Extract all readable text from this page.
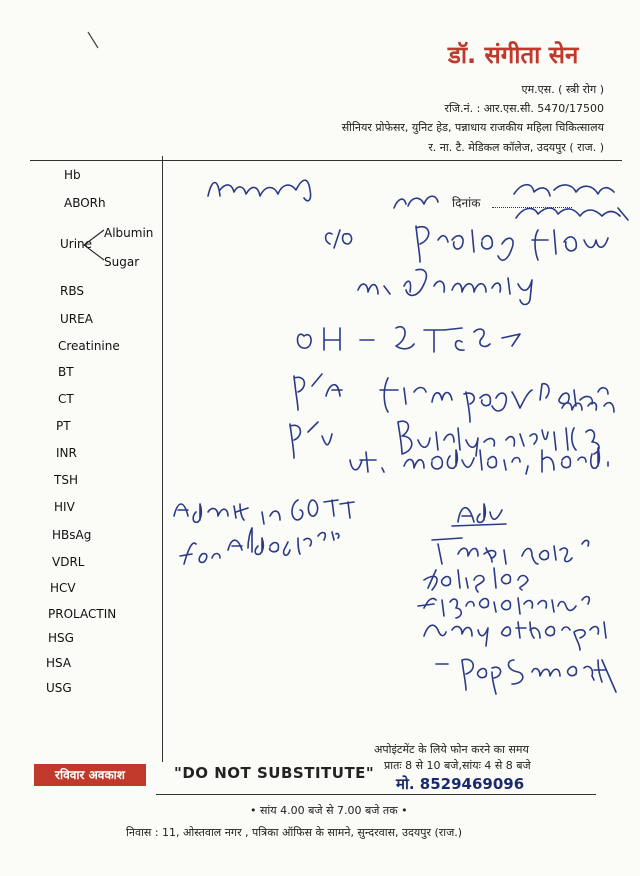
डॉ. संगीता सेन
एम.एस. ( स्त्री रोग )
रजि.नं. : आर.एस.सी. 5470/17500
सीनियर प्रोफेसर, युनिट हेड, पन्नाधाय राजकीय महिला चिकित्सालय
र. ना. टै. मेडिकल कॉलेज, उदयपुर ( राज. )
Hb
ABORh
Urine
Albumin
Sugar
RBS
UREA
Creatinine
BT
CT
PT
INR
TSH
HIV
HBsAg
VDRL
HCV
PROLACTIN
HSG
HSA
USG
दिनांक
अपोइंटमेंट के लिये फोन करने का समय
प्रातः 8 से 10 बजे,सांयः 4 से 8 बजे
मो. 8529469096
रविवार अवकाश	"DO NOT SUBSTITUTE"
• सांय 4.00 बजे से 7.00 बजे तक •
निवास : 11, ओस्तवाल नगर , पत्रिका ऑफिस के सामने, सुन्दरवास, उदयपुर (राज.)
